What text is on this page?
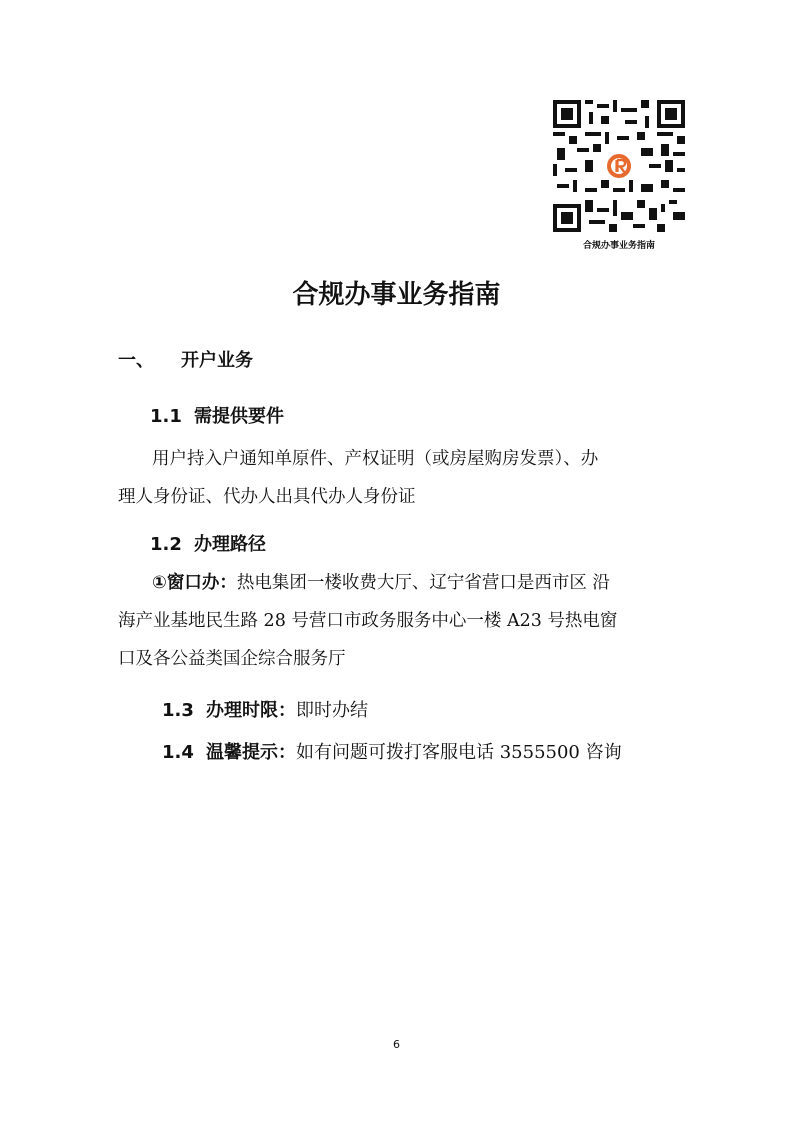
合规办事业务指南
合规办事业务指南
一、 开户业务
1.1 需提供要件
用户持入户通知单原件、产权证明（或房屋购房发票）、办
理人身份证、代办人出具代办人身份证
1.2 办理路径
①窗口办：热电集团一楼收费大厅、辽宁省营口是西市区 沿
海产业基地民生路 28 号营口市政务服务中心一楼 A23 号热电窗
口及各公益类国企综合服务厅
1.3 办理时限：即时办结
1.4 温馨提示：如有问题可拨打客服电话 3555500 咨询
6
